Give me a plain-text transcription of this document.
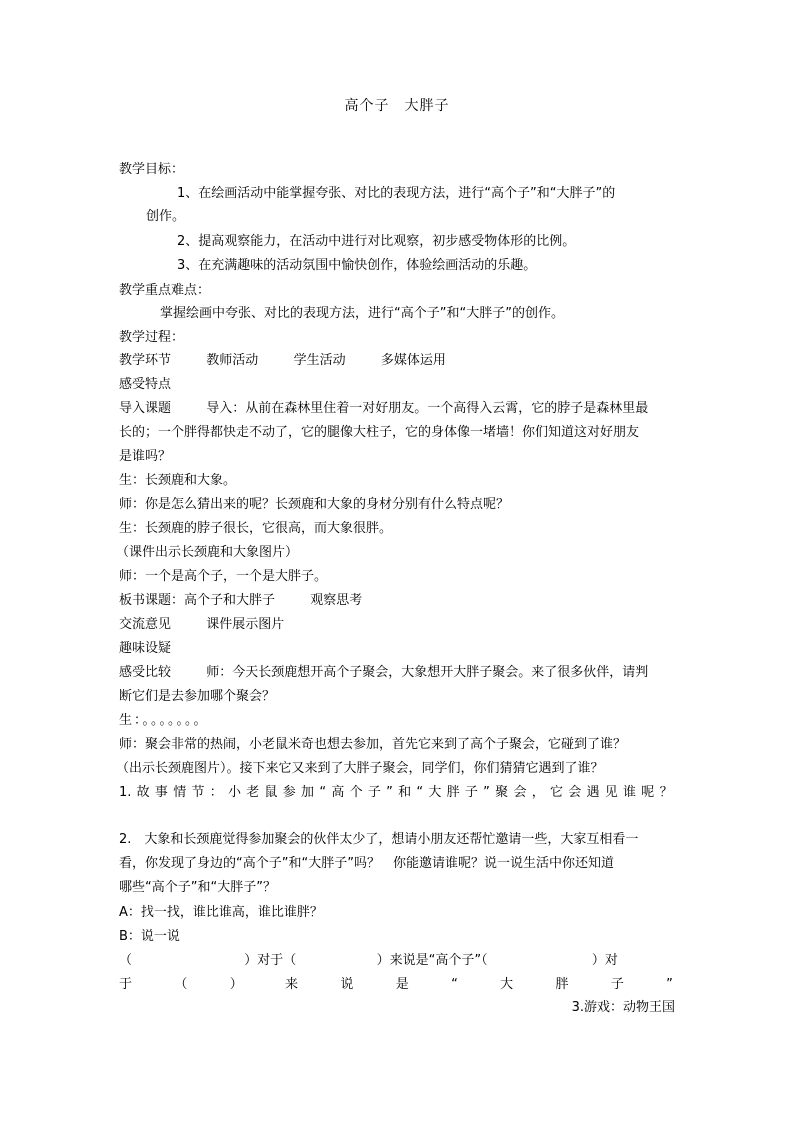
高个子　大胖子
教学目标：
1、在绘画活动中能掌握夸张、对比的表现方法，进行“高个子”和“大胖子”的
创作。
2、提高观察能力，在活动中进行对比观察，初步感受物体形的比例。
3、在充满趣味的活动氛围中愉快创作，体验绘画活动的乐趣。
教学重点难点：
掌握绘画中夸张、对比的表现方法，进行“高个子”和“大胖子”的创作。
教学过程：
教学环节	教师活动	学生活动	多媒体运用
感受特点
导入课题	导入：从前在森林里住着一对好朋友。一个高得入云霄，它的脖子是森林里最
长的；一个胖得都快走不动了，它的腿像大柱子，它的身体像一堵墙！你们知道这对好朋友
是谁吗？
生：长颈鹿和大象。
师：你是怎么猜出来的呢？长颈鹿和大象的身材分别有什么特点呢？
生：长颈鹿的脖子很长，它很高，而大象很胖。
（课件出示长颈鹿和大象图片）
师：一个是高个子，一个是大胖子。
板书课题：高个子和大胖子	观察思考
交流意见	课件展示图片
趣味设疑
感受比较	师：今天长颈鹿想开高个子聚会，大象想开大胖子聚会。来了很多伙伴，请判
断它们是去参加哪个聚会？
生：。。。。。。。
师：聚会非常的热闹，小老鼠米奇也想去参加，首先它来到了高个子聚会，它碰到了谁？
（出示长颈鹿图片）。接下来它又来到了大胖子聚会，同学们，你们猜猜它遇到了谁？
1. 故 事 情 节 ： 小 老 鼠 参 加 “ 高 个 子 ” 和 “ 大 胖 子 ” 聚 会 ， 它 会 遇 见 谁 呢 ？
2.　大象和长颈鹿觉得参加聚会的伙伴太少了，想请小朋友还帮忙邀请一些，大家互相看一
看，你发现了身边的“高个子”和“大胖子”吗？　你能邀请谁呢？说一说生活中你还知道
哪些“高个子”和“大胖子”？
A：找一找，谁比谁高，谁比谁胖？
B：说一说
（	）对于（	）来说是“高个子”（	）对
于	（	）	来	说	是	“	大	胖	子	”
3.游戏：动物王国
